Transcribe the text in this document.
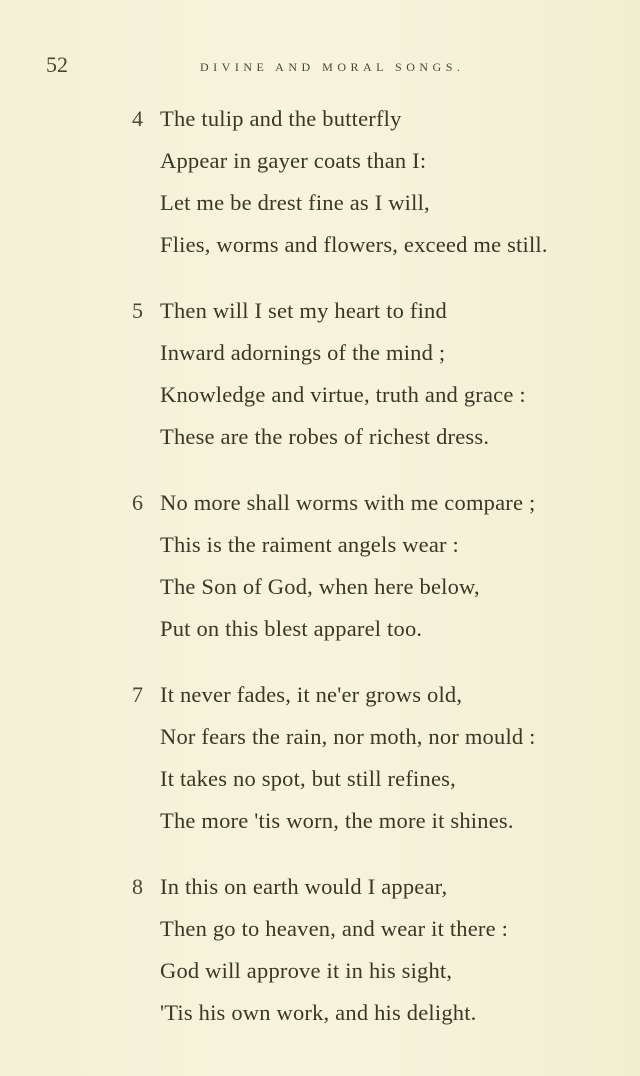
52	DIVINE AND MORAL SONGS.
4 The tulip and the butterfly
Appear in gayer coats than I:
Let me be drest fine as I will,
Flies, worms and flowers, exceed me still.
5 Then will I set my heart to find
Inward adornings of the mind ;
Knowledge and virtue, truth and grace :
These are the robes of richest dress.
6 No more shall worms with me compare ;
This is the raiment angels wear :
The Son of God, when here below,
Put on this blest apparel too.
7 It never fades, it ne'er grows old,
Nor fears the rain, nor moth, nor mould :
It takes no spot, but still refines,
The more 'tis worn, the more it shines.
8 In this on earth would I appear,
Then go to heaven, and wear it there :
God will approve it in his sight,
'Tis his own work, and his delight.
